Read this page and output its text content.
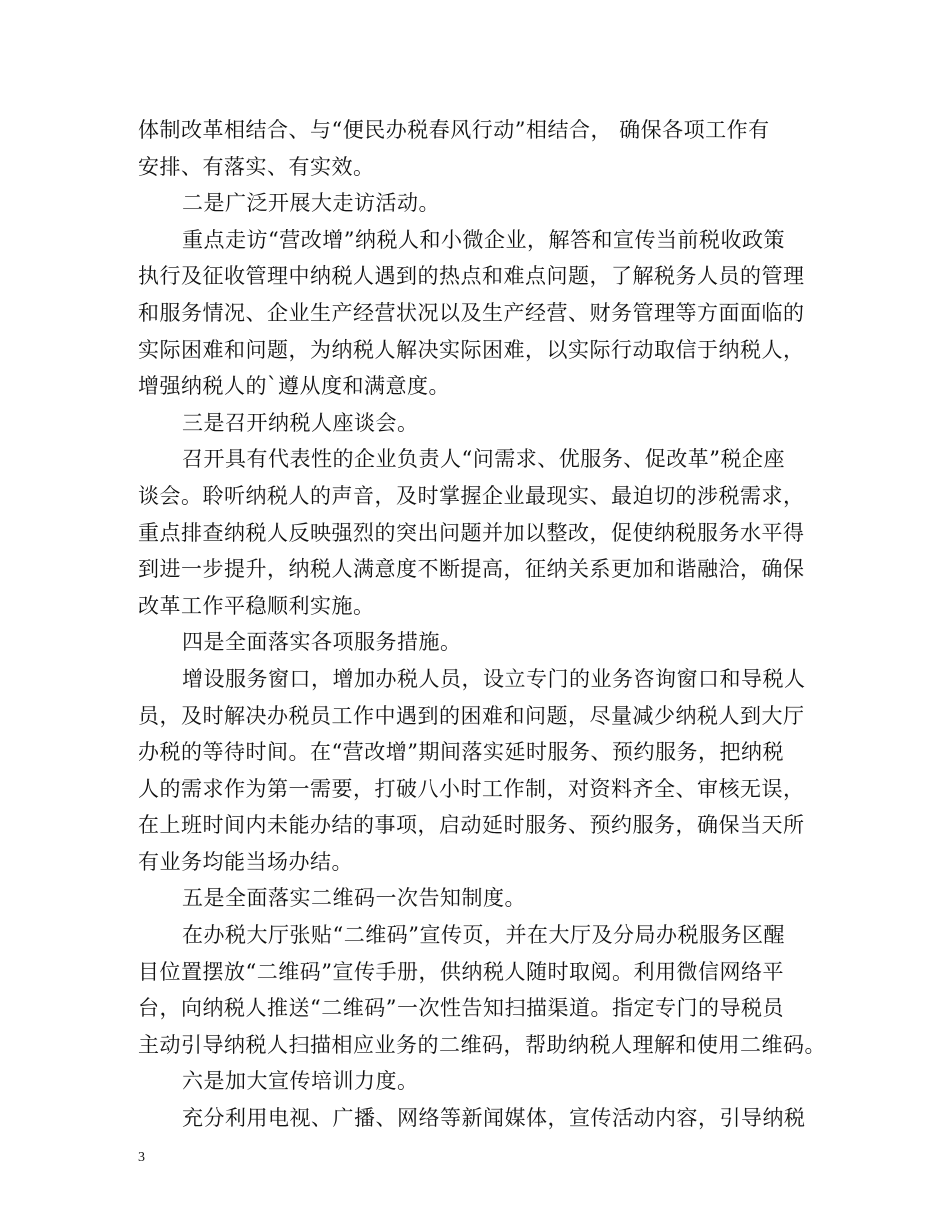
体制改革相结合、与“便民办税春风行动”相结合， 确保各项工作有
安排、有落实、有实效。
二是广泛开展大走访活动。
重点走访“营改增”纳税人和小微企业，解答和宣传当前税收政策
执行及征收管理中纳税人遇到的热点和难点问题，了解税务人员的管理
和服务情况、企业生产经营状况以及生产经营、财务管理等方面面临的
实际困难和问题，为纳税人解决实际困难，以实际行动取信于纳税人，
增强纳税人的`遵从度和满意度。
三是召开纳税人座谈会。
召开具有代表性的企业负责人“问需求、优服务、促改革”税企座
谈会。聆听纳税人的声音，及时掌握企业最现实、最迫切的涉税需求，
重点排查纳税人反映强烈的突出问题并加以整改，促使纳税服务水平得
到进一步提升，纳税人满意度不断提高，征纳关系更加和谐融洽，确保
改革工作平稳顺利实施。
四是全面落实各项服务措施。
增设服务窗口，增加办税人员，设立专门的业务咨询窗口和导税人
员，及时解决办税员工作中遇到的困难和问题，尽量减少纳税人到大厅
办税的等待时间。在“营改增”期间落实延时服务、预约服务，把纳税
人的需求作为第一需要，打破八小时工作制，对资料齐全、审核无误，
在上班时间内未能办结的事项，启动延时服务、预约服务，确保当天所
有业务均能当场办结。
五是全面落实二维码一次告知制度。
在办税大厅张贴“二维码”宣传页，并在大厅及分局办税服务区醒
目位置摆放“二维码”宣传手册，供纳税人随时取阅。利用微信网络平
台，向纳税人推送“二维码”一次性告知扫描渠道。指定专门的导税员
主动引导纳税人扫描相应业务的二维码，帮助纳税人理解和使用二维码。
六是加大宣传培训力度。
充分利用电视、广播、网络等新闻媒体，宣传活动内容，引导纳税
3
